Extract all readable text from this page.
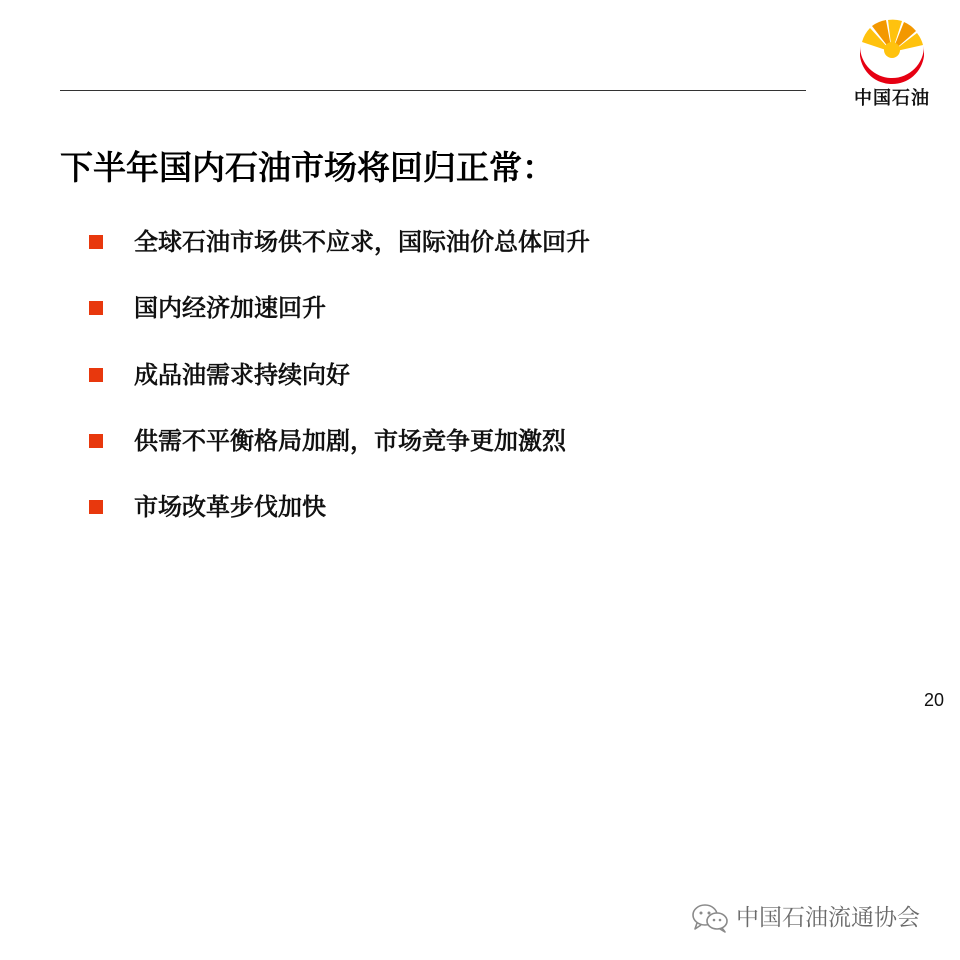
中国石油
下半年国内石油市场将回归正常：
全球石油市场供不应求，国际油价总体回升
国内经济加速回升
成品油需求持续向好
供需不平衡格局加剧，市场竞争更加激烈
市场改革步伐加快
20
中国石油流通协会
